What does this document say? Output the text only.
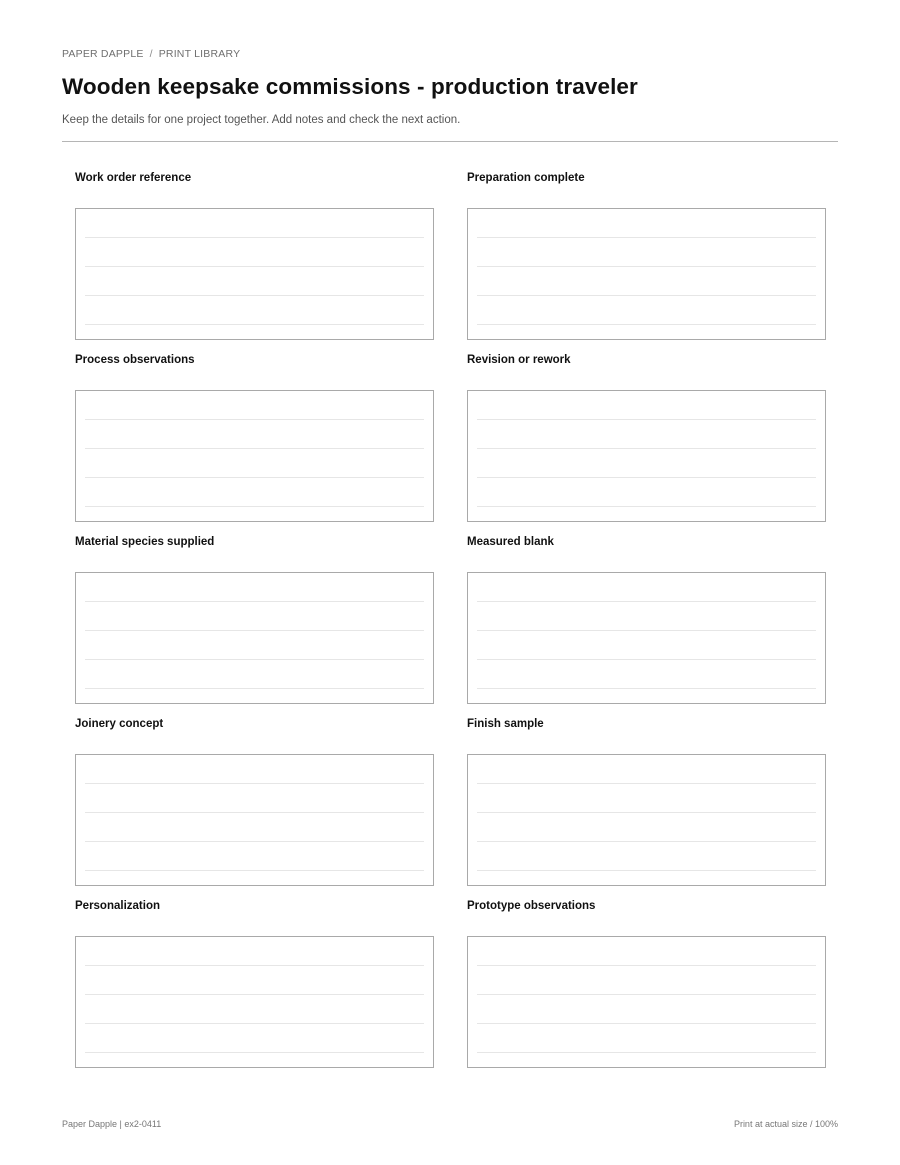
PAPER DAPPLE / PRINT LIBRARY
Wooden keepsake commissions - production traveler

Keep the details for one project together. Add notes and check the next action.

Work order reference	Preparation complete
Process observations	Revision or rework
Material species supplied	Measured blank
Joinery concept	Finish sample
Personalization	Prototype observations
Paper Dapple | ex2-0411	Print at actual size / 100%
